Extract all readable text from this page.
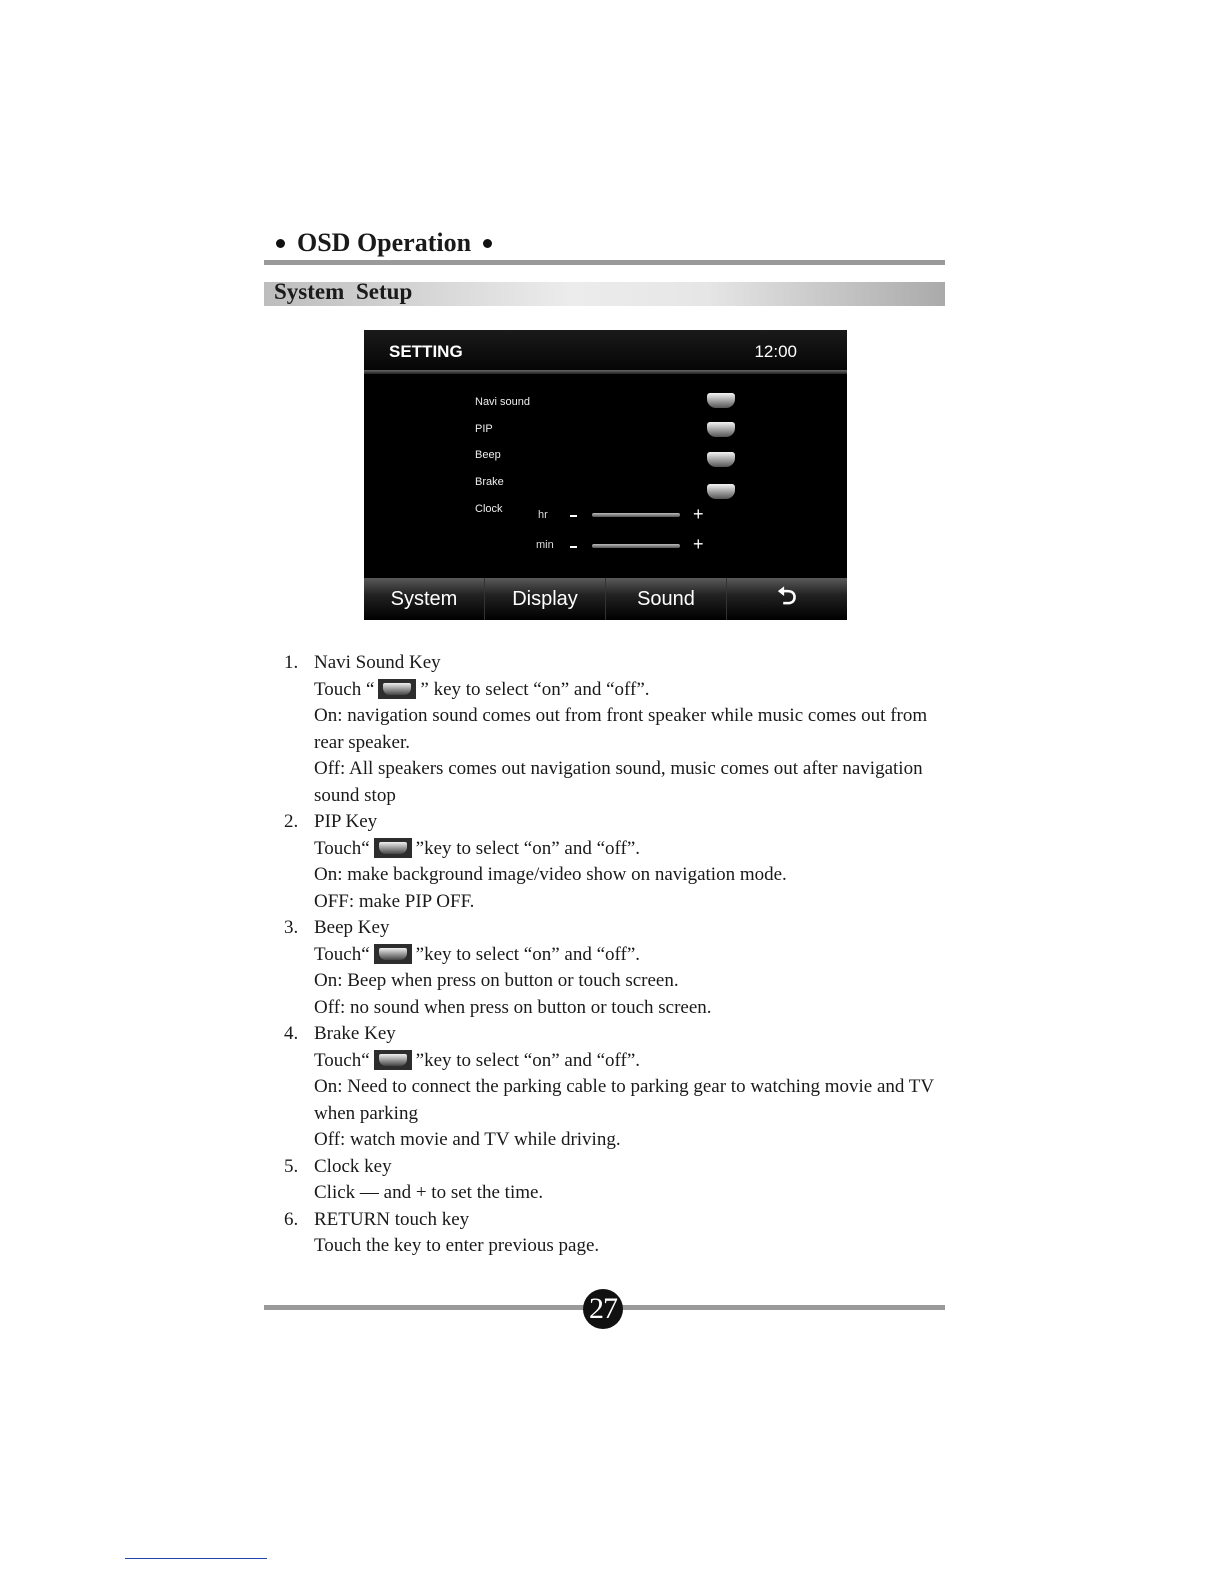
OSD Operation
System Setup
SETTING	12:00
Navi sound
PIP
Beep
Brake
Clock	hr	+
min	+
System	Display	Sound	⮌
1. Navi Sound Key
Touch “ ” key to select “on” and “off”.
On: navigation sound comes out from front speaker while music comes out from rear speaker.
Off: All speakers comes out navigation sound, music comes out after navigation sound stop
2. PIP Key
Touch“ ”key to select “on” and “off”.
On: make background image/video show on navigation mode.
OFF: make PIP OFF.
3. Beep Key
Touch“ ”key to select “on” and “off”.
On: Beep when press on button or touch screen.
Off: no sound when press on button or touch screen.
4. Brake Key
Touch“ ”key to select “on” and “off”.
On: Need to connect the parking cable to parking gear to watching movie and TV when parking
Off: watch movie and TV while driving.
5. Clock key
Click — and + to set the time.
6. RETURN touch key
Touch the key to enter previous page.
27
